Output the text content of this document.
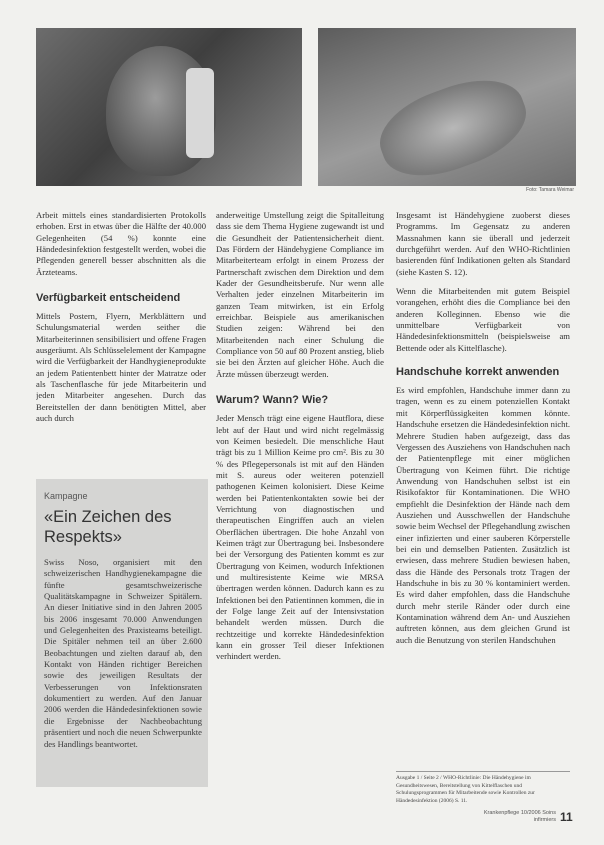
Foto: Tamara Weimar

Arbeit mittels eines standardisierten Protokolls erhoben. Erst in etwas über die Hälfte der 40.000 Gelegenheiten (54 %) konnte eine Händedesinfektion festgestellt werden, wobei die Pflegenden generell besser abschnitten als die Ärzteteams.

Verfügbarkeit entscheidend

Mittels Postern, Flyern, Merkblättern und Schulungsmaterial werden seither die Mitarbeiterinnen sensibilisiert und offene Fragen ausgeräumt. Als Schlüsselelement der Kampagne wird die Verfügbarkeit der Handhygieneprodukte an jedem Patientenbett hinter der Matratze oder als Taschenflasche für jede Mitarbeiterin und jeden Mitarbeiter angesehen. Durch das Bereitstellen der dann benötigten Mittel, aber auch durch

Kampagne
«Ein Zeichen des Respekts»

Swiss Noso, organisiert mit den schweizerischen Handhygienekampagne die fünfte gesamtschweizerische Qualitätskampagne in Schweizer Spitälern. An dieser Initiative sind in den Jahren 2005 bis 2006 insgesamt 70.000 Anwendungen und Gelegenheiten des Praxisteams beteiligt. Die Spitäler nehmen teil an über 2.600 Beobachtungen und zielten darauf ab, den Kontakt von Händen richtiger Bereichen sowie des jeweiligen Resultats der Verbesserungen von Infektionsraten dokumentiert zu werden. Auf den Januar 2006 werden die Händedesinfektionen sowie die Ergebnisse der Nachbeobachtung präsentiert und noch die neuen Schwerpunkte des Handlings beantwortet.

anderweitige Umstellung zeigt die Spitalleitung dass sie dem Thema Hygiene zugewandt ist und die Gesundheit der Patientensicherheit dient. Das Fördern der Händehygiene Compliance im Mitarbeiterteam erfolgt in einem Prozess der Partnerschaft zwischen dem Direktion und dem Kader der Gesundheitsberufe. Nur wenn alle Verhalten jeder einzelnen Mitarbeiterin im ganzen Team mitwirken, ist ein Erfolg erreichbar. Beispiele aus amerikanischen Studien zeigen: Während bei den Mitarbeitenden nach einer Schulung die Compliance von 50 auf 80 Prozent anstieg, blieb sie bei den Ärzten auf gleicher Höhe. Auch die Ärzte müssen überzeugt werden.

Warum? Wann? Wie?

Jeder Mensch trägt eine eigene Hautflora, diese lebt auf der Haut und wird nicht regelmässig von Keimen besiedelt. Die menschliche Haut trägt bis zu 1 Million Keime pro cm². Bis zu 30 % des Pflegepersonals ist mit auf den Händen mit S. aureus oder weiteren potenziell pathogenen Keimen kolonisiert. Diese Keime werden bei Patientenkontakten sowie bei der Verrichtung von diagnostischen und therapeutischen Eingriffen auch an vielen Oberflächen übertragen. Die hohe Anzahl von Keimen trägt zur Übertragung bei. Insbesondere bei der Versorgung des Patienten kommt es zur Übertragung von Keimen, wodurch Infektionen und multiresistente Keime wie MRSA übertragen werden können. Dadurch kann es zu Infektionen bei den Patientinnen kommen, die in der Folge lange Zeit auf der Intensivstation behandelt werden müssen. Durch die rechtzeitige und korrekte Händedesinfektion kann ein grosser Teil dieser Infektionen verhindert werden.

Insgesamt ist Händehygiene zuoberst dieses Programms. Im Gegensatz zu anderen Massnahmen kann sie überall und jederzeit durchgeführt werden. Auf den WHO-Richtlinien basierenden fünf Indikationen gelten als Standard (siehe Kasten S. 12).

Wenn die Mitarbeitenden mit gutem Beispiel vorangehen, erhöht dies die Compliance bei den anderen Kolleginnen. Ebenso wie die unmittelbare Verfügbarkeit von Händedesinfektionsmitteln (beispielsweise am Bettende oder als Kittelflasche).

Handschuhe korrekt anwenden

Es wird empfohlen, Handschuhe immer dann zu tragen, wenn es zu einem potenziellen Kontakt mit Körperflüssigkeiten kommen könnte. Handschuhe ersetzen die Händedesinfektion nicht. Mehrere Studien haben aufgezeigt, dass das Vergessen des Ausziehens von Handschuhen nach der Patientenpflege mit einer möglichen Übertragung von Keimen führt. Die richtige Anwendung von Handschuhen selbst ist ein Risikofaktor für Kontaminationen. Die WHO empfiehlt die Desinfektion der Hände nach dem Ausziehen und Ausschwellen der Handschuhe sowie beim Wechsel der Pflegehandlung zwischen einer infizierten und einer sauberen Körperstelle bei ein und demselben Patienten. Zusätzlich ist erwiesen, dass mehrere Studien bewiesen haben, dass die Hände des Personals trotz Tragen der Handschuhe in bis zu 30 % kontaminiert werden. Es wird daher empfohlen, dass die Handschuhe durch mehr sterile Ränder oder durch eine Kontamination während dem An- und Ausziehen auftreten können, aus dem gleichen Grund ist auch die Benutzung von sterilen Handschuhen

Ausgabe 1 / Seite 2 / WHO-Richtlinie: Die Händehygiene im Gesundheitswesen, Bereitstellung von Kittelflaschen und Schulungsprogrammen für Mitarbeitende sowie Kontrollen zur Händedesinfektion (2006) S. 11.
Krankenpflege 10/2006 Soins infirmiers 11
